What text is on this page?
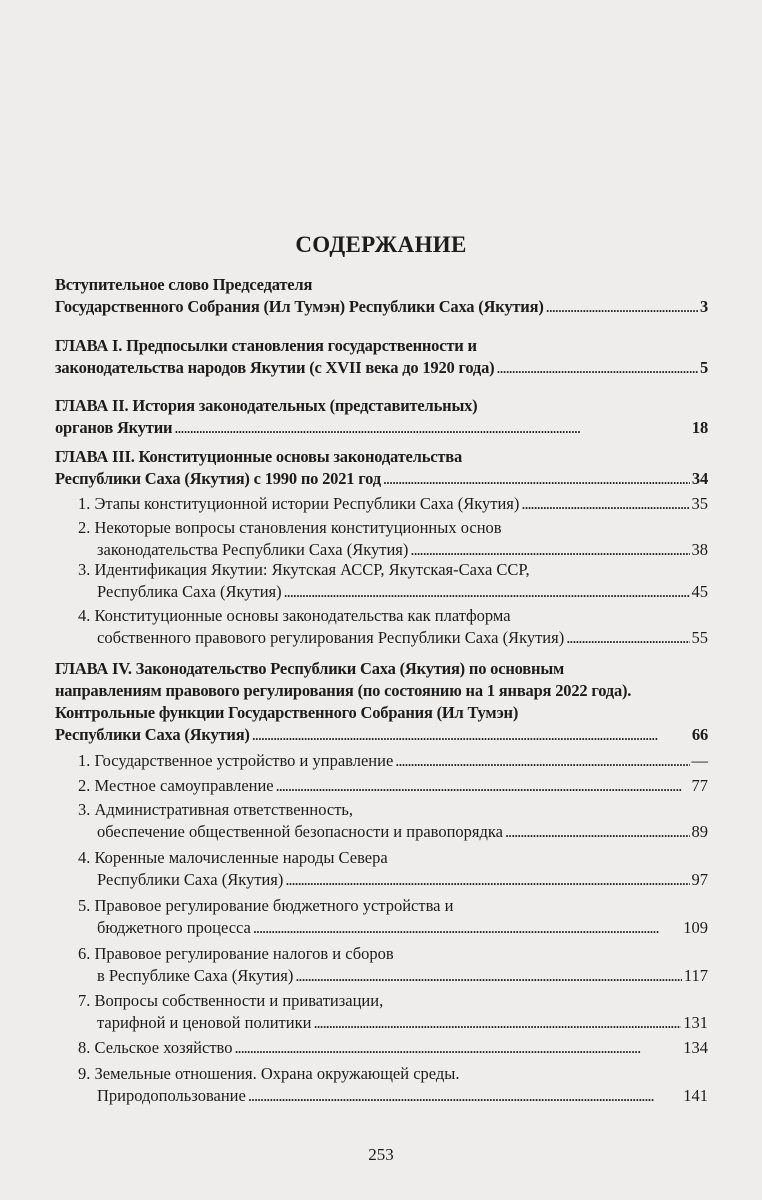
СОДЕРЖАНИЕ
Вступительное слово Председателя
Государственного Собрания (Ил Тумэн) Республики Саха (Якутия) . . .	3
ГЛАВА I. Предпосылки становления государственности и
законодательства народов Якутии (с XVII века до 1920 года) . . .	5
ГЛАВА II. История законодательных (представительных)
органов Якутии . . .	18
ГЛАВА III. Конституционные основы законодательства
Республики Саха (Якутия) с 1990 по 2021 год . . .	34
1. Этапы конституционной истории Республики Саха (Якутия) . . .	35
2. Некоторые вопросы становления конституционных основ
законодательства Республики Саха (Якутия) . . .	38
3. Идентификация Якутии: Якутская АССР, Якутская-Саха ССР,
Республика Саха (Якутия) . . .	45
4. Конституционные основы законодательства как платформа
собственного правового регулирования Республики Саха (Якутия) . . .	55
ГЛАВА IV. Законодательство Республики Саха (Якутия) по основным
направлениям правового регулирования (по состоянию на 1 января 2022 года).
Контрольные функции Государственного Собрания (Ил Тумэн)
Республики Саха (Якутия) . . .	66
1. Государственное устройство и управление . . .	—
2. Местное самоуправление . . .	77
3. Административная ответственность,
обеспечение общественной безопасности и правопорядка . . .	89
4. Коренные малочисленные народы Севера
Республики Саха (Якутия) . . .	97
5. Правовое регулирование бюджетного устройства и
бюджетного процесса . . .	109
6. Правовое регулирование налогов и сборов
в Республике Саха (Якутия) . . .	117
7. Вопросы собственности и приватизации,
тарифной и ценовой политики . . .	131
8. Сельское хозяйство . . .	134
9. Земельные отношения. Охрана окружающей среды.
Природопользование . . .	141
253
